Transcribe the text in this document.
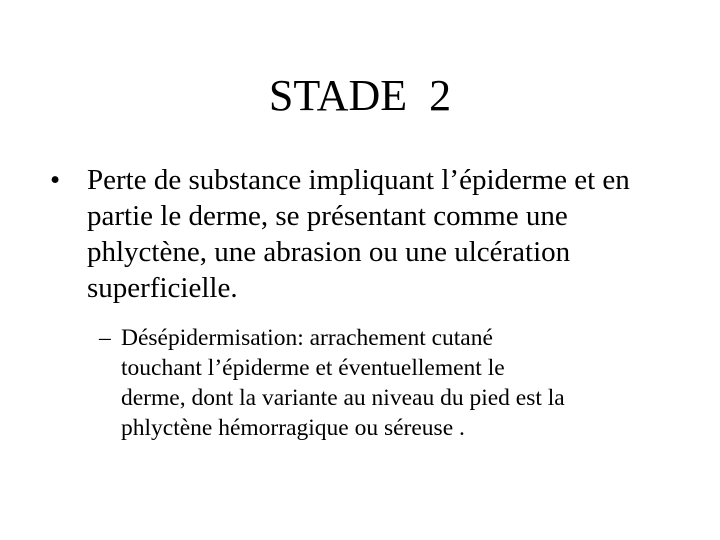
STADE  2
• Perte de substance impliquant l’épiderme et en partie le derme, se présentant comme une phlyctène, une abrasion ou une ulcération superficielle.
– Désépidermisation: arrachement cutané
touchant l’épiderme et éventuellement le
derme, dont la variante au niveau du pied est la
phlyctène hémorragique ou séreuse .
